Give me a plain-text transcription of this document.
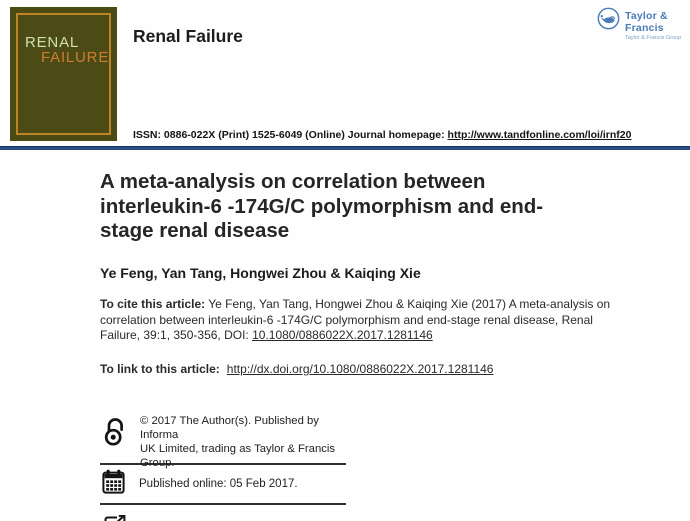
RENAL
FAILURE
Renal Failure
Taylor & Francis
Taylor & Francis Group
ISSN: 0886-022X (Print) 1525-6049 (Online) Journal homepage: http://www.tandfonline.com/loi/irnf20
A meta-analysis on correlation between
interleukin-6 -174G/C polymorphism and end-
stage renal disease
Ye Feng, Yan Tang, Hongwei Zhou & Kaiqing Xie

To cite this article: Ye Feng, Yan Tang, Hongwei Zhou & Kaiqing Xie (2017) A meta-analysis on correlation between interleukin-6 -174G/C polymorphism and end-stage renal disease, Renal Failure, 39:1, 350-356, DOI: 10.1080/0886022X.2017.1281146

To link to this article: http://dx.doi.org/10.1080/0886022X.2017.1281146

© 2017 The Author(s). Published by Informa
UK Limited, trading as Taylor & Francis
Group.
Published online: 05 Feb 2017.
